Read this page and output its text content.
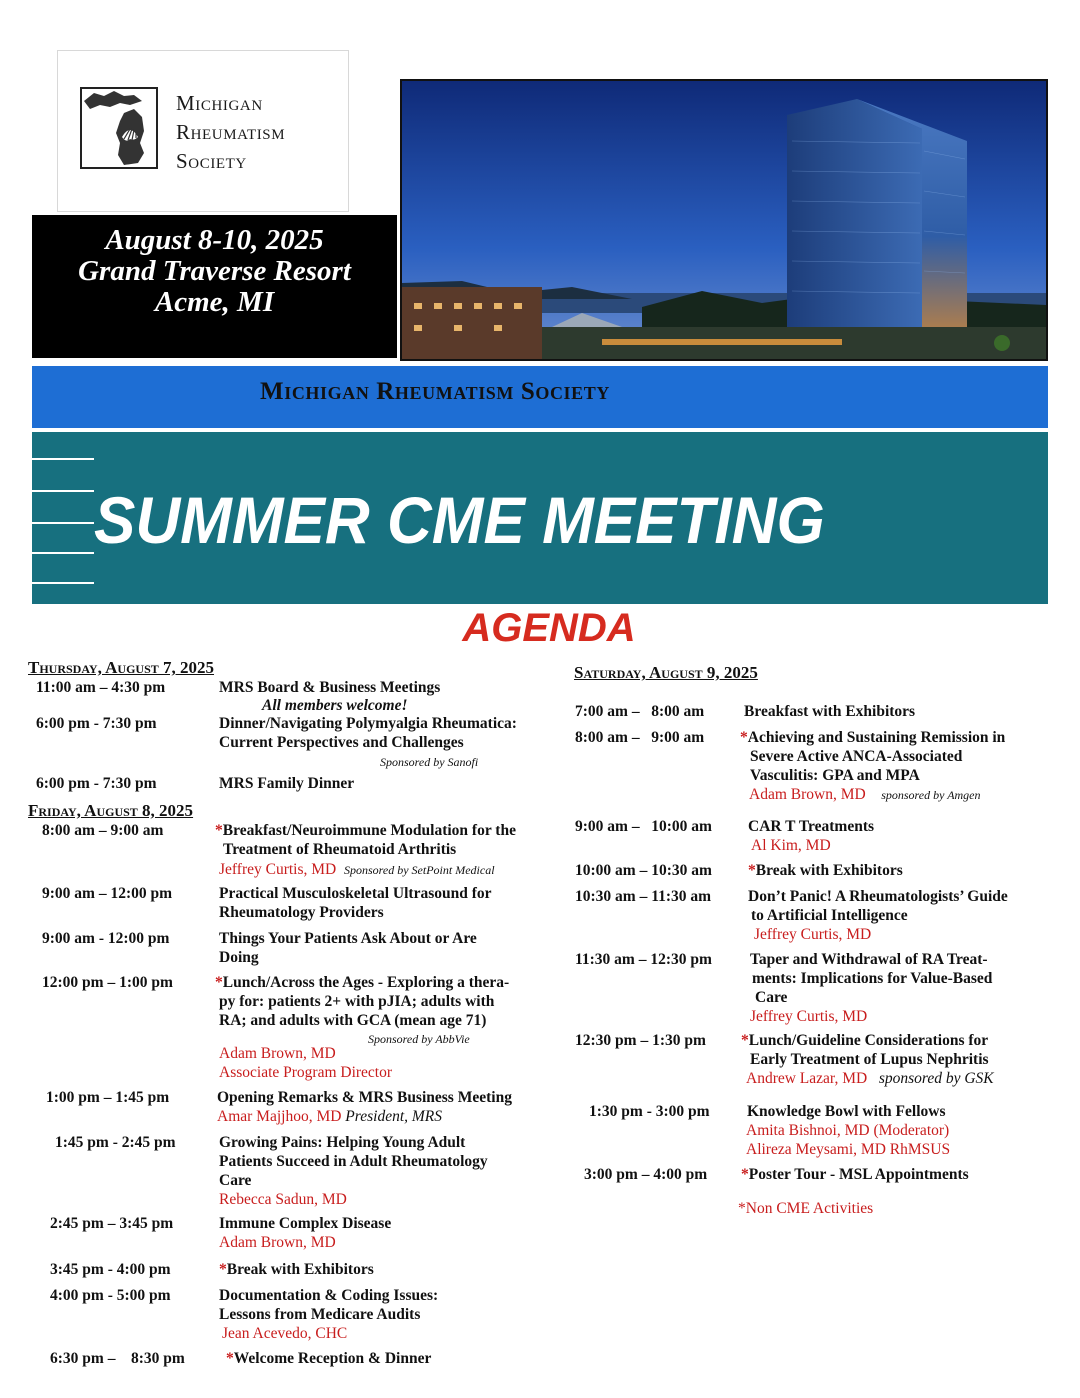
Michigan
Rheumatism
Society
August 8-10, 2025
Grand Traverse Resort
Acme, MI
Michigan Rheumatism Society
SUMMER CME MEETING
AGENDA
Thursday, August 7, 2025
11:00 am – 4:30 pm	MRS Board & Business Meetings
All members welcome!
6:00 pm - 7:30 pm	Dinner/Navigating Polymyalgia Rheumatica:
Current Perspectives and Challenges
Sponsored by Sanofi
6:00 pm - 7:30 pm	MRS Family Dinner
Friday, August 8, 2025
8:00 am – 9:00 am	*Breakfast/Neuroimmune Modulation for the
Treatment of Rheumatoid Arthritis
Jeffrey Curtis, MD Sponsored by SetPoint Medical
9:00 am – 12:00 pm	Practical Musculoskeletal Ultrasound for
Rheumatology Providers
9:00 am - 12:00 pm	Things Your Patients Ask About or Are
Doing
12:00 pm – 1:00 pm	*Lunch/Across the Ages - Exploring a thera-
py for: patients 2+ with pJIA; adults with
RA; and adults with GCA (mean age 71)
Sponsored by AbbVie
Adam Brown, MD
Associate Program Director
1:00 pm – 1:45 pm	Opening Remarks & MRS Business Meeting
Amar Majjhoo, MD President, MRS
1:45 pm - 2:45 pm	Growing Pains: Helping Young Adult
Patients Succeed in Adult Rheumatology
Care
Rebecca Sadun, MD
2:45 pm – 3:45 pm	Immune Complex Disease
Adam Brown, MD
3:45 pm - 4:00 pm	*Break with Exhibitors
4:00 pm - 5:00 pm	Documentation & Coding Issues:
Lessons from Medicare Audits
Jean Acevedo, CHC
6:30 pm –    8:30 pm	*Welcome Reception & Dinner
Saturday, August 9, 2025
7:00 am –   8:00 am	Breakfast with Exhibitors
8:00 am –   9:00 am *Achieving and Sustaining Remission in
Severe Active ANCA-Associated
Vasculitis: GPA and MPA
Adam Brown, MD sponsored by Amgen
9:00 am –   10:00 am CAR T Treatments
Al Kim, MD
10:00 am – 10:30 am *Break with Exhibitors
10:30 am – 11:30 am Don’t Panic! A Rheumatologists’ Guide
to Artificial Intelligence
Jeffrey Curtis, MD
11:30 am – 12:30 pm Taper and Withdrawal of RA Treat-
ments: Implications for Value-Based
Care
Jeffrey Curtis, MD
12:30 pm – 1:30 pm *Lunch/Guideline Considerations for
Early Treatment of Lupus Nephritis
Andrew Lazar, MD sponsored by GSK
1:30 pm - 3:00 pm Knowledge Bowl with Fellows
Amita Bishnoi, MD (Moderator)
Alireza Meysami, MD RhMSUS
3:00 pm – 4:00 pm *Poster Tour - MSL Appointments
*Non CME Activities
